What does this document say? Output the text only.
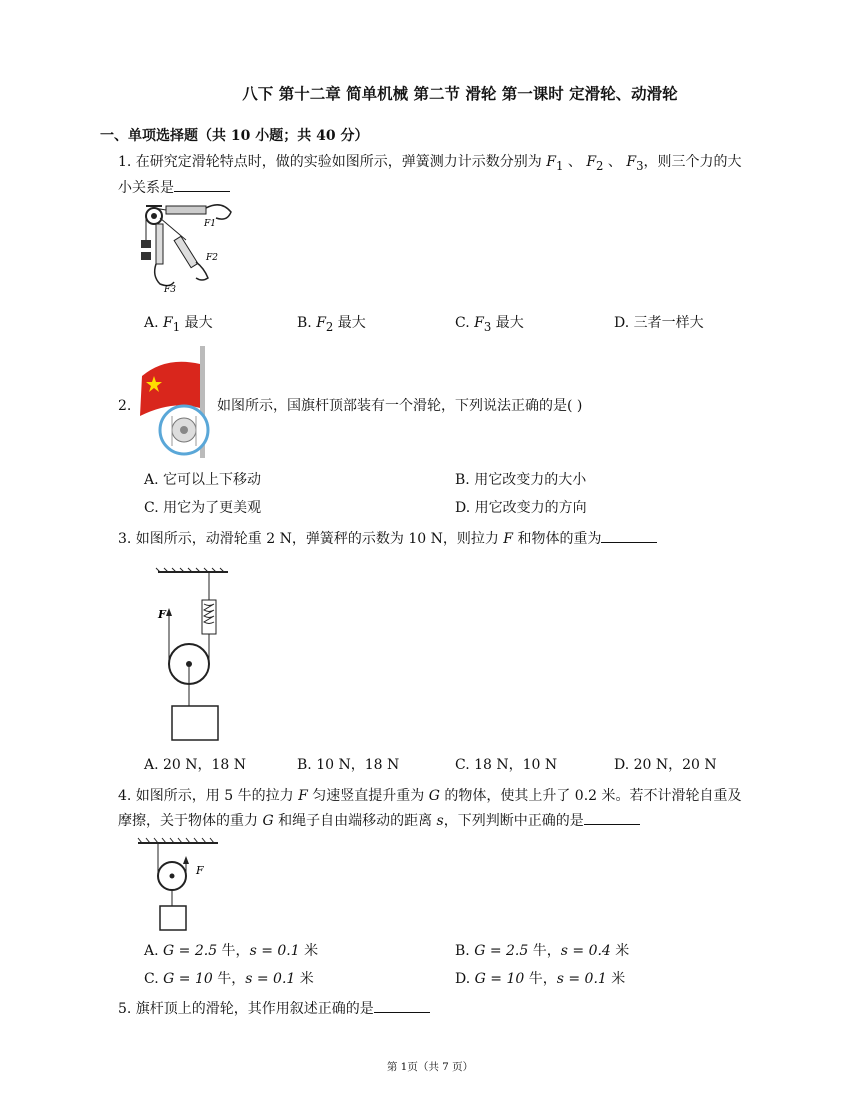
八下 第十二章 简单机械 第二节 滑轮 第一课时 定滑轮、动滑轮
一、单项选择题（共 10 小题；共 40 分）
1. 在研究定滑轮特点时，做的实验如图所示，弹簧测力计示数分别为 $F_1$ 、 $F_2$ 、 $F_3$，则三个力的大
小关系是
F1
F3
F2
A. $F_1$ 最大	B. $F_2$ 最大	C. $F_3$ 最大	D. 三者一样大
2.	如图所示，国旗杆顶部装有一个滑轮，下列说法正确的是( )
A. 它可以上下移动	B. 用它改变力的大小
C. 用它为了更美观	D. 用它改变力的方向
3. 如图所示，动滑轮重 2 N，弹簧秤的示数为 10 N，则拉力 F 和物体的重为
F
A. 20 N，18 N	B. 10 N，18 N	C. 18 N，10 N	D. 20 N，20 N
4. 如图所示，用 5 牛的拉力 F 匀速竖直提升重为 G 的物体，使其上升了 0.2 米。若不计滑轮自重及
摩擦，关于物体的重力 G 和绳子自由端移动的距离 s，下列判断中正确的是
F
A. G = 2.5 牛，s = 0.1 米	B. G = 2.5 牛，s = 0.4 米
C. G = 10 牛，s = 0.1 米	D. G = 10 牛，s = 0.1 米
5. 旗杆顶上的滑轮，其作用叙述正确的是
第 1页（共 7 页）
